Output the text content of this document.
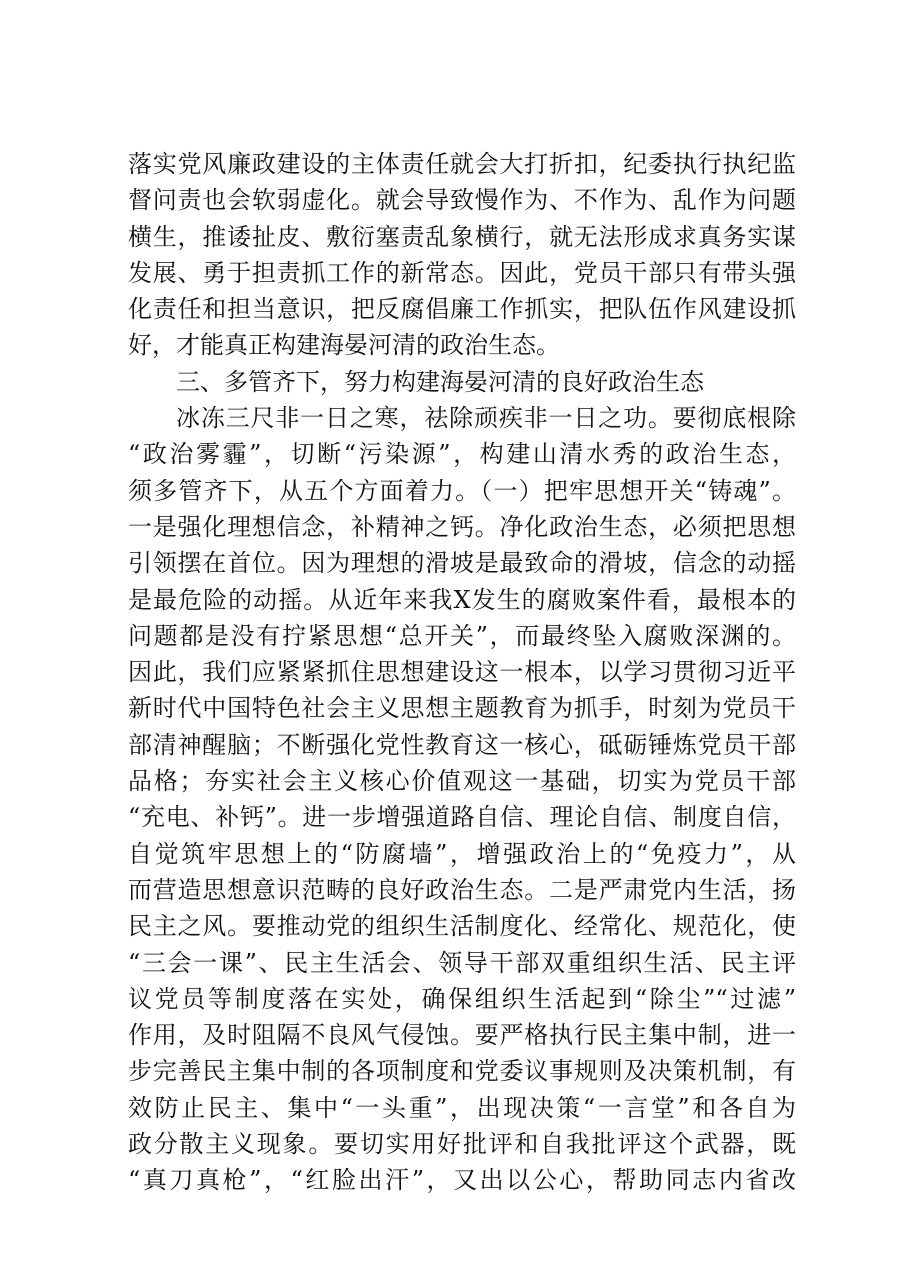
落实党风廉政建设的主体责任就会大打折扣，纪委执行执纪监
督问责也会软弱虚化。就会导致慢作为、不作为、乱作为问题
横生，推诿扯皮、敷衍塞责乱象横行，就无法形成求真务实谋
发展、勇于担责抓工作的新常态。因此，党员干部只有带头强
化责任和担当意识，把反腐倡廉工作抓实，把队伍作风建设抓
好，才能真正构建海晏河清的政治生态。
三、多管齐下，努力构建海晏河清的良好政治生态
冰冻三尺非一日之寒，祛除顽疾非一日之功。要彻底根除
“政治雾霾”，切断“污染源”，构建山清水秀的政治生态，
须多管齐下，从五个方面着力。（一）把牢思想开关“铸魂”。
一是强化理想信念，补精神之钙。净化政治生态，必须把思想
引领摆在首位。因为理想的滑坡是最致命的滑坡，信念的动摇
是最危险的动摇。从近年来我X发生的腐败案件看，最根本的
问题都是没有拧紧思想“总开关”，而最终坠入腐败深渊的。
因此，我们应紧紧抓住思想建设这一根本，以学习贯彻习近平
新时代中国特色社会主义思想主题教育为抓手，时刻为党员干
部清神醒脑；不断强化党性教育这一核心，砥砺锤炼党员干部
品格；夯实社会主义核心价值观这一基础，切实为党员干部
“充电、补钙”。进一步增强道路自信、理论自信、制度自信，
自觉筑牢思想上的“防腐墙”，增强政治上的“免疫力”，从
而营造思想意识范畴的良好政治生态。二是严肃党内生活，扬
民主之风。要推动党的组织生活制度化、经常化、规范化，使
“三会一课”、民主生活会、领导干部双重组织生活、民主评
议党员等制度落在实处，确保组织生活起到“除尘”“过滤”
作用，及时阻隔不良风气侵蚀。要严格执行民主集中制，进一
步完善民主集中制的各项制度和党委议事规则及决策机制，有
效防止民主、集中“一头重”，出现决策“一言堂”和各自为
政分散主义现象。要切实用好批评和自我批评这个武器，既
“真刀真枪”，“红脸出汗”，又出以公心，帮助同志内省改
